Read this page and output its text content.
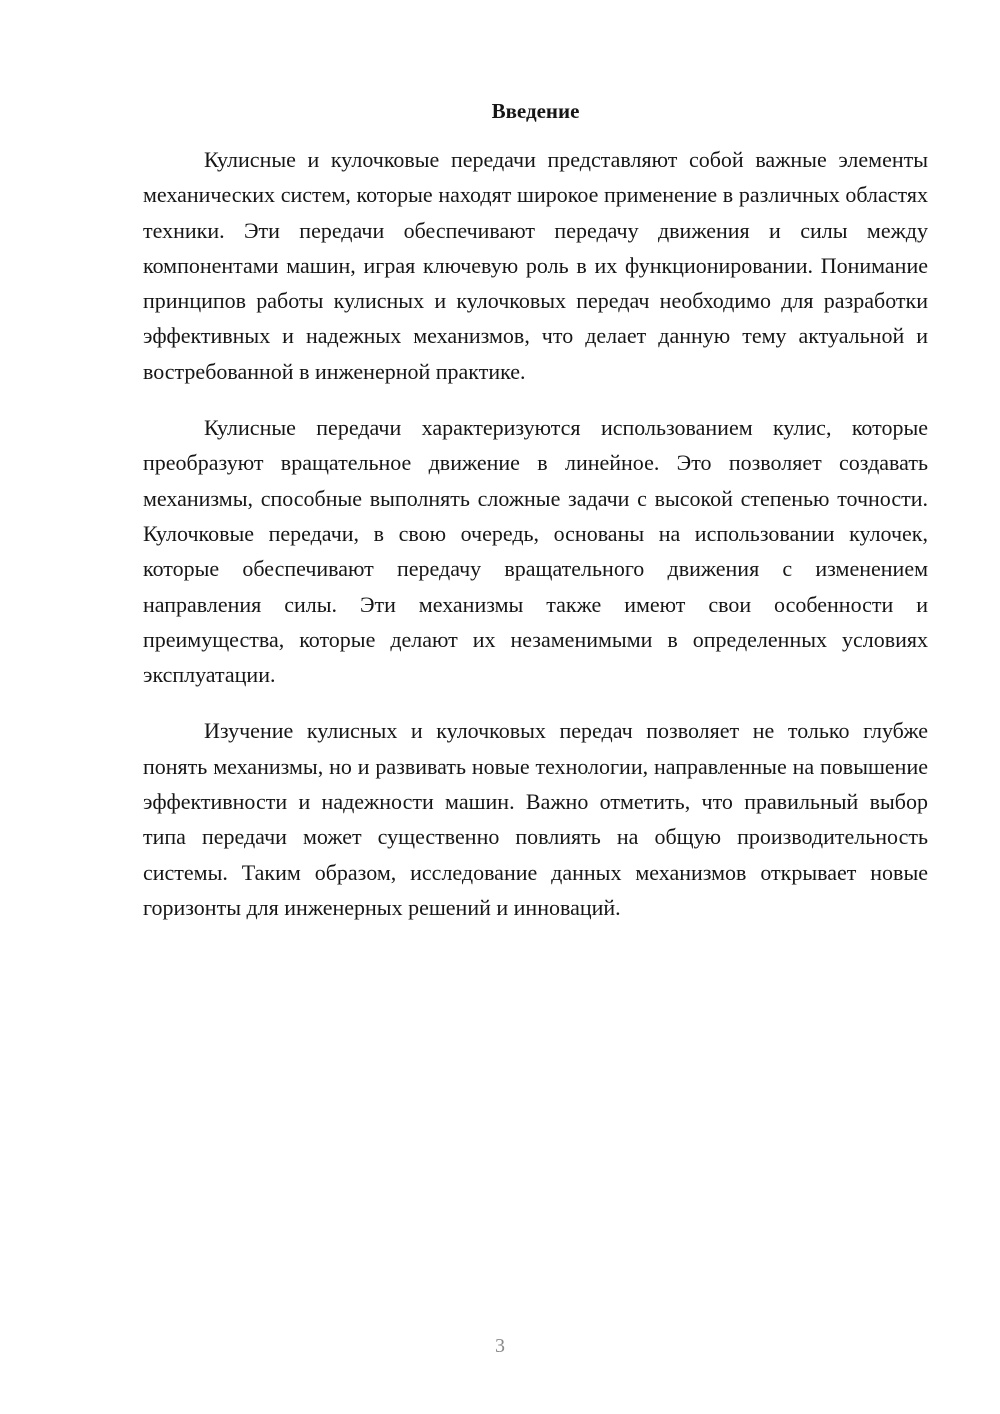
Введение

Кулисные и кулочковые передачи представляют собой важные элементы механических систем, которые находят широкое применение в различных областях техники. Эти передачи обеспечивают передачу движения и силы между компонентами машин, играя ключевую роль в их функционировании. Понимание принципов работы кулисных и кулочковых передач необходимо для разработки эффективных и надежных механизмов, что делает данную тему актуальной и востребованной в инженерной практике.

Кулисные передачи характеризуются использованием кулис, которые преобразуют вращательное движение в линейное. Это позволяет создавать механизмы, способные выполнять сложные задачи с высокой степенью точности. Кулочковые передачи, в свою очередь, основаны на использовании кулочек, которые обеспечивают передачу вращательного движения с изменением направления силы. Эти механизмы также имеют свои особенности и преимущества, которые делают их незаменимыми в определенных условиях эксплуатации.

Изучение кулисных и кулочковых передач позволяет не только глубже понять механизмы, но и развивать новые технологии, направленные на повышение эффективности и надежности машин. Важно отметить, что правильный выбор типа передачи может существенно повлиять на общую производительность системы. Таким образом, исследование данных механизмов открывает новые горизонты для инженерных решений и инноваций.

3
